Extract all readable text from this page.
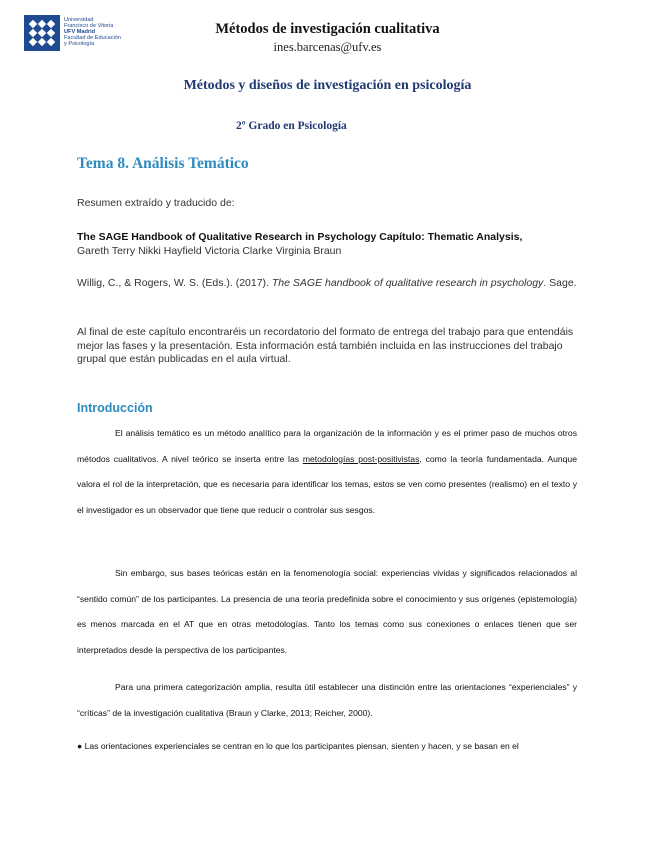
Universidad
Francisco de Vitoria
UFV Madrid
Facultad de Educación
y Psicología
Métodos de investigación cualitativa
ines.barcenas@ufv.es
Métodos y diseños de investigación en psicología
2º Grado en Psicología
Tema 8. Análisis Temático
Resumen extraído y traducido de:
The SAGE Handbook of Qualitative Research in Psychology Capítulo: Thematic Analysis,
Gareth Terry Nikki Hayfield Victoria Clarke Virginia Braun
Willig, C., & Rogers, W. S. (Eds.). (2017). The SAGE handbook of qualitative research in psychology. Sage.
Al final de este capítulo encontraréis un recordatorio del formato de entrega del trabajo para que entendáis mejor las fases y la presentación. Esta información está también incluida en las instrucciones del trabajo grupal que están publicadas en el aula virtual.
Introducción
El análisis temático es un método analítico para la organización de la información y es el primer paso de muchos otros métodos cualitativos. A nivel teórico se inserta entre las metodologías post-positivistas, como la teoría fundamentada. Aunque valora el rol de la interpretación, que es necesaria para identificar los temas, estos se ven como presentes (realismo) en el texto y el investigador es un observador que tiene que reducir o controlar sus sesgos.
Sin embargo, sus bases teóricas están en la fenomenología social: experiencias vividas y significados relacionados al “sentido común” de los participantes. La presencia de una teoría predefinida sobre el conocimiento y sus orígenes (epistemología) es menos marcada en el AT que en otras metodologías. Tanto los temas como sus conexiones o enlaces tienen que ser interpretados desde la perspectiva de los participantes.
Para una primera categorización amplia, resulta útil establecer una distinción entre las orientaciones “experienciales” y “críticas” de la investigación cualitativa (Braun y Clarke, 2013; Reicher, 2000).
● Las orientaciones experienciales se centran en lo que los participantes piensan, sienten y hacen, y se basan en el
